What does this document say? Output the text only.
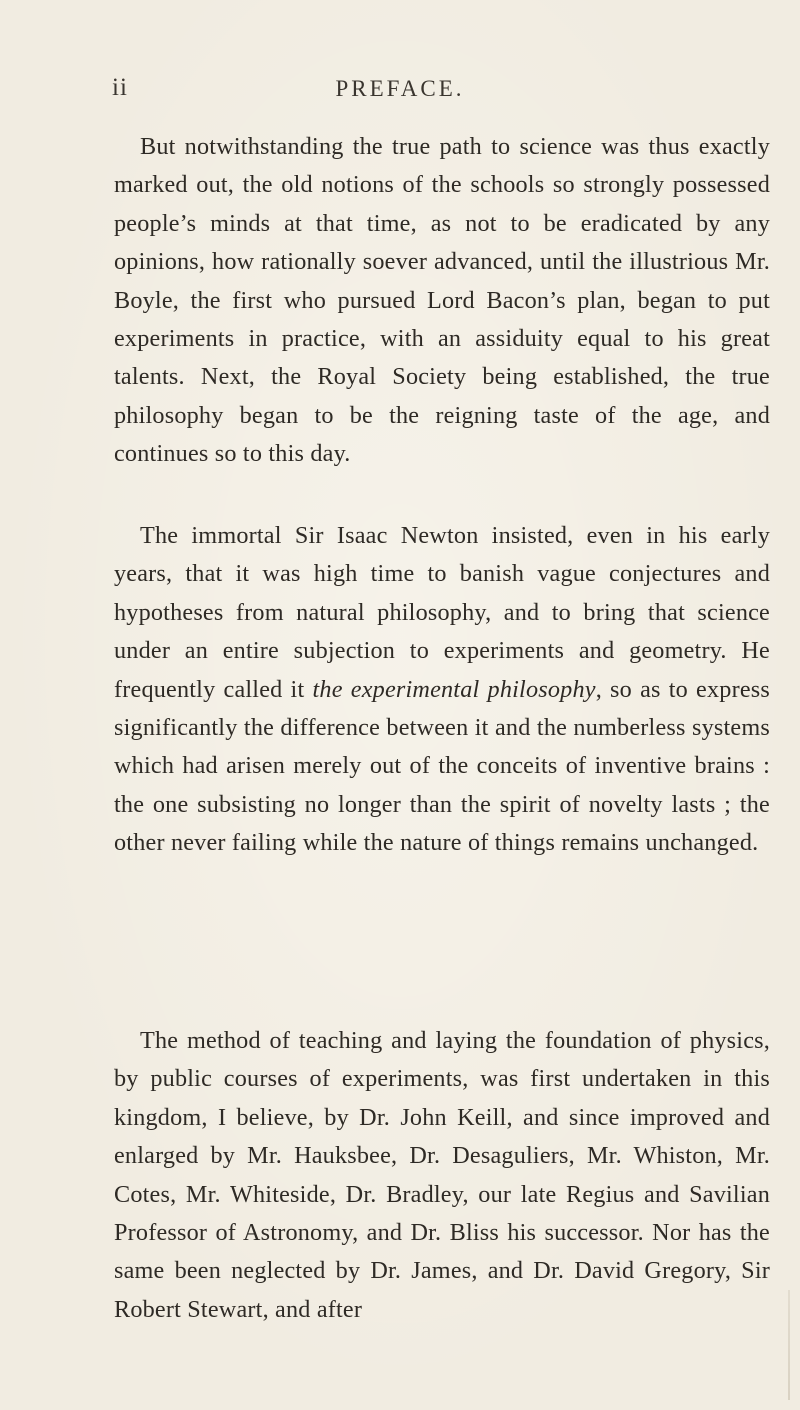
ii	PREFACE.

But notwithstanding the true path to science was thus exactly marked out, the old notions of the schools so strongly possessed people’s minds at that time, as not to be eradicated by any opinions, how rationally soever advanced, until the illustrious Mr. Boyle, the first who pursued Lord Bacon’s plan, began to put experiments in practice, with an assiduity equal to his great talents. Next, the Royal Society being established, the true philosophy began to be the reigning taste of the age, and continues so to this day.

The immortal Sir Isaac Newton insisted, even in his early years, that it was high time to banish vague conjectures and hypotheses from natural philosophy, and to bring that science under an entire subjection to experiments and geometry. He frequently called it the experimental philosophy, so as to express significantly the difference between it and the numberless systems which had arisen merely out of the conceits of inventive brains : the one subsisting no longer than the spirit of novelty lasts ; the other never failing while the nature of things remains unchanged.

The method of teaching and laying the foundation of physics, by public courses of experiments, was first undertaken in this kingdom, I believe, by Dr. John Keill, and since improved and enlarged by Mr. Hauksbee, Dr. Desaguliers, Mr. Whiston, Mr. Cotes, Mr. Whiteside, Dr. Bradley, our late Regius and Savilian Professor of Astronomy, and Dr. Bliss his successor. Nor has the same been neglected by Dr. James, and Dr. David Gregory, Sir Robert Stewart, and after
